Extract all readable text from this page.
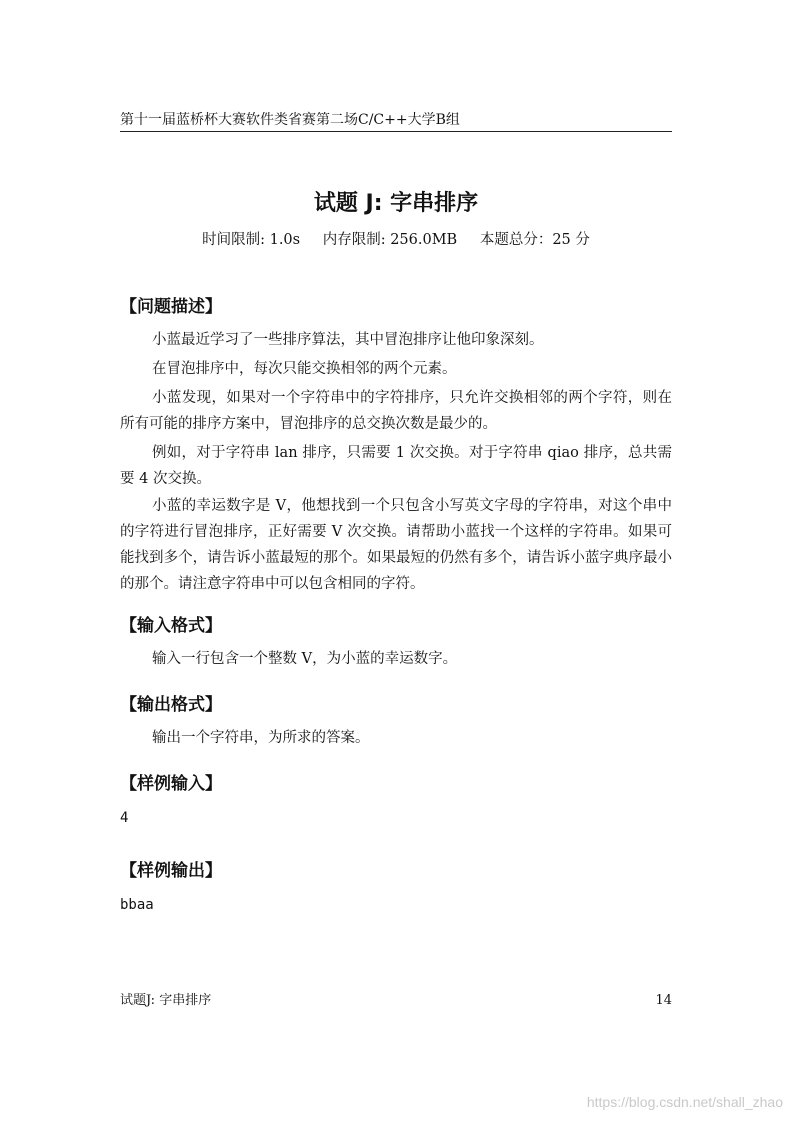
第十一届蓝桥杯大赛软件类省赛第二场C/C++大学B组
试题 J: 字串排序
时间限制: 1.0s 内存限制: 256.0MB 本题总分：25 分
【问题描述】
小蓝最近学习了一些排序算法，其中冒泡排序让他印象深刻。
在冒泡排序中，每次只能交换相邻的两个元素。
小蓝发现，如果对一个字符串中的字符排序，只允许交换相邻的两个字符，则在所有可能的排序方案中，冒泡排序的总交换次数是最少的。
例如，对于字符串 lan 排序，只需要 1 次交换。对于字符串 qiao 排序，总共需要 4 次交换。
小蓝的幸运数字是 V，他想找到一个只包含小写英文字母的字符串，对这个串中的字符进行冒泡排序，正好需要 V 次交换。请帮助小蓝找一个这样的字符串。如果可能找到多个，请告诉小蓝最短的那个。如果最短的仍然有多个，请告诉小蓝字典序最小的那个。请注意字符串中可以包含相同的字符。
【输入格式】
输入一行包含一个整数 V，为小蓝的幸运数字。
【输出格式】
输出一个字符串，为所求的答案。
【样例输入】
4
【样例输出】
bbaa
试题J: 字串排序	14
https://blog.csdn.net/shall_zhao
